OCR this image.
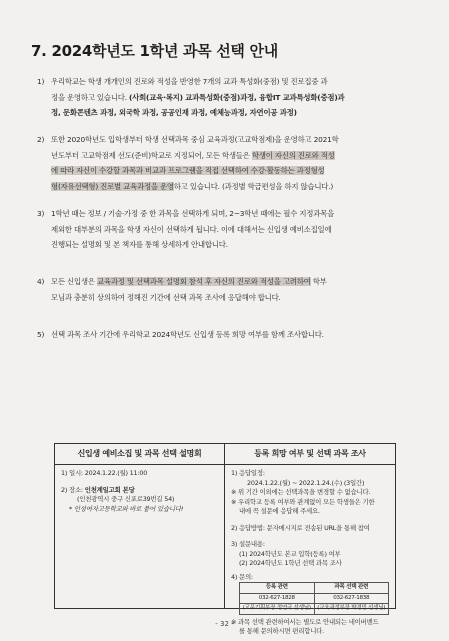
7. 2024학년도 1학년 과목 선택 안내
1) 우리학교는 학생 개개인의 진로와 적성을 반영한 7개의 교과 특성화(중점) 및 진로집중 과
정을 운영하고 있습니다. (사회(교육·복지) 교과특성화(중점)과정, 융합IT 교과특성화(중점)과
정, 문화콘텐츠 과정, 외국학 과정, 공공인재 과정, 예체능과정, 자연이공 과정)
2) 또한 2020학년도 입학생부터 학생 선택과목 중심 교육과정(고교학점제)을 운영하고 2021학
년도부터 고교학점제 선도(준비)학교로 지정되어, 모든 학생들은 학생이 자신의 진로와 적성
에 따라 자신이 수강할 과목과 비교과 프로그램을 직접 선택하여 수강·활동하는 과정형성
형(자유선택형) 진로별 교육과정을 운영하고 있습니다. (과정별 학급편성을 하지 않습니다.)
3) 1학년 때는 정보 / 기술·가정 중 한 과목을 선택하게 되며, 2~3학년 때에는 필수 지정과목을
제외한 대부분의 과목을 학생 자신이 선택하게 됩니다. 이에 대해서는 신입생 예비소집일에
진행되는 설명회 및 본 책자를 통해 상세하게 안내합니다.
4) 모든 신입생은 교육과정 및 선택과목 설명회 참석 후 자신의 진로와 적성을 고려하여 학부
모님과 충분히 상의하여 정해진 기간에 선택 과목 조사에 응답해야 합니다.
5) 선택 과목 조사 기간에 우리학교 2024학년도 신입생 등록 희망 여부를 함께 조사합니다.
신입생 예비소집 및 과목 선택 설명회
1) 일시: 2024.1.22.(월) 11:00
2) 장소: 인천계일고회 본당
(인천광역시 중구 신포로39번길 54)
* 인성여자고등학교와 바로 붙어 있습니다!
등록 희망 여부 및 선택 과목 조사
1) 응답일정:
2024.1.22.(월) ~ 2022.1.24.(수) (3일간)
※ 위 기간 이외에는 선택과목을 변경할 수 없습니다.
※ 우리학교 등록 여부와 관계없이 모든 학생들은 기한
내에 꼭 설문에 응답해 주세요.
2) 응답방법: 문자메시지로 전송된 URL을 통해 참여
3) 설문내용:
(1) 2024학년도 본교 입학(등록) 여부
(2) 2024학년도 1학년 선택 과목 조사
4) 문의:
등록 관련	과목 선택 관련
032-627-1828	032-627-1838
(교무기획부장 정연극 선생님)	(교육과정부장 박경민 선생님)
※ 과목 선택 관련하여서는 별도로 안내되는 네이버밴드
를 통해 문의하시면 편리합니다.
- 32 -
